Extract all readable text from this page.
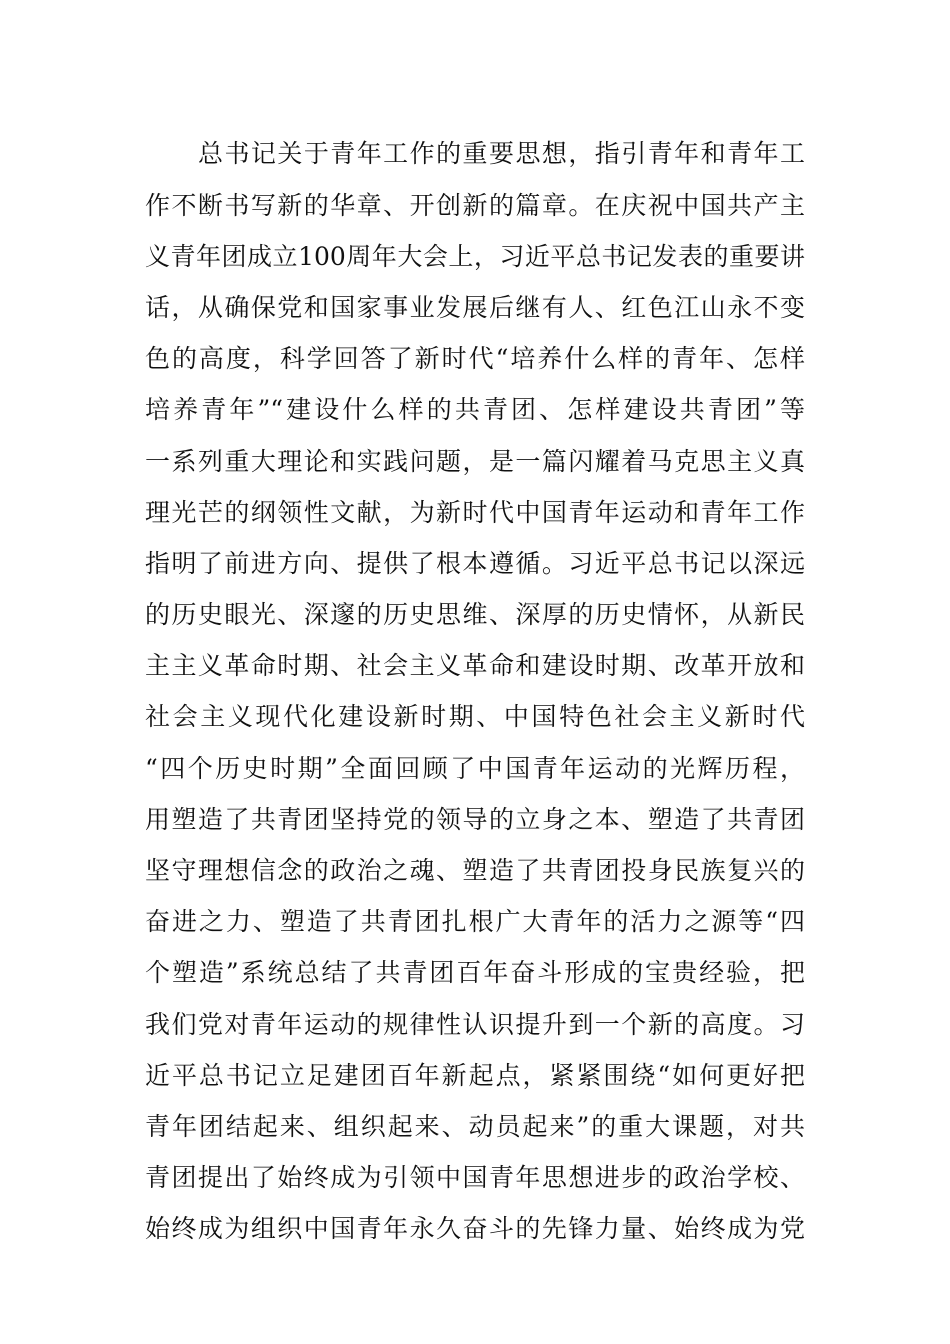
总书记关于青年工作的重要思想，指引青年和青年工
作不断书写新的华章、开创新的篇章。在庆祝中国共产主
义青年团成立100周年大会上，习近平总书记发表的重要讲
话，从确保党和国家事业发展后继有人、红色江山永不变
色的高度，科学回答了新时代“培养什么样的青年、怎样
培养青年”“建设什么样的共青团、怎样建设共青团”等
一系列重大理论和实践问题，是一篇闪耀着马克思主义真
理光芒的纲领性文献，为新时代中国青年运动和青年工作
指明了前进方向、提供了根本遵循。习近平总书记以深远
的历史眼光、深邃的历史思维、深厚的历史情怀，从新民
主主义革命时期、社会主义革命和建设时期、改革开放和
社会主义现代化建设新时期、中国特色社会主义新时代
“四个历史时期”全面回顾了中国青年运动的光辉历程，
用塑造了共青团坚持党的领导的立身之本、塑造了共青团
坚守理想信念的政治之魂、塑造了共青团投身民族复兴的
奋进之力、塑造了共青团扎根广大青年的活力之源等“四
个塑造”系统总结了共青团百年奋斗形成的宝贵经验，把
我们党对青年运动的规律性认识提升到一个新的高度。习
近平总书记立足建团百年新起点，紧紧围绕“如何更好把
青年团结起来、组织起来、动员起来”的重大课题，对共
青团提出了始终成为引领中国青年思想进步的政治学校、
始终成为组织中国青年永久奋斗的先锋力量、始终成为党
